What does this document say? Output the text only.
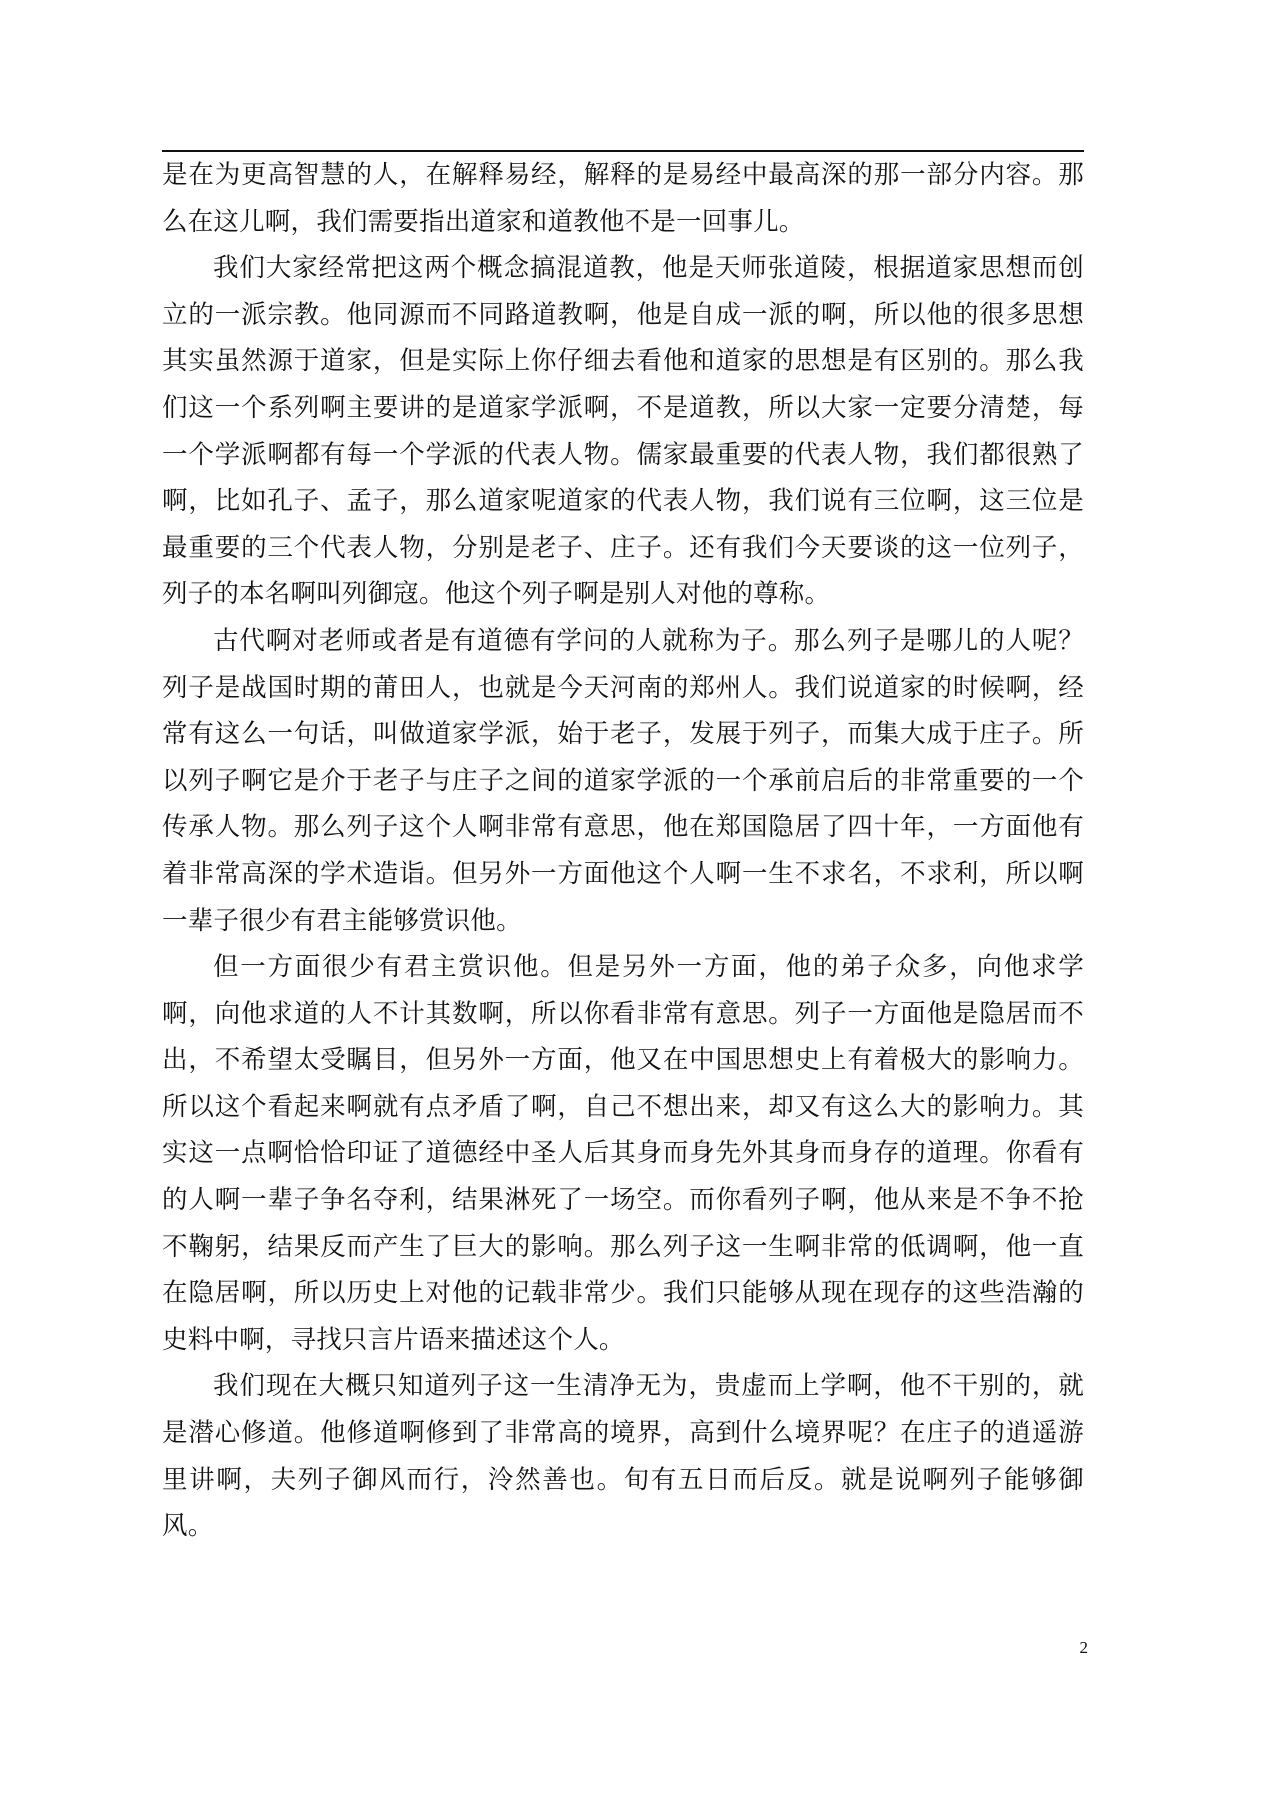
是在为更高智慧的人，在解释易经，解释的是易经中最高深的那一部分内容。那么在这儿啊，我们需要指出道家和道教他不是一回事儿。

我们大家经常把这两个概念搞混道教，他是天师张道陵，根据道家思想而创立的一派宗教。他同源而不同路道教啊，他是自成一派的啊，所以他的很多思想其实虽然源于道家，但是实际上你仔细去看他和道家的思想是有区别的。那么我们这一个系列啊主要讲的是道家学派啊，不是道教，所以大家一定要分清楚，每一个学派啊都有每一个学派的代表人物。儒家最重要的代表人物，我们都很熟了啊，比如孔子、孟子，那么道家呢道家的代表人物，我们说有三位啊，这三位是最重要的三个代表人物，分别是老子、庄子。还有我们今天要谈的这一位列子，列子的本名啊叫列御寇。他这个列子啊是别人对他的尊称。

古代啊对老师或者是有道德有学问的人就称为子。那么列子是哪儿的人呢？列子是战国时期的莆田人，也就是今天河南的郑州人。我们说道家的时候啊，经常有这么一句话，叫做道家学派，始于老子，发展于列子，而集大成于庄子。所以列子啊它是介于老子与庄子之间的道家学派的一个承前启后的非常重要的一个传承人物。那么列子这个人啊非常有意思，他在郑国隐居了四十年，一方面他有着非常高深的学术造诣。但另外一方面他这个人啊一生不求名，不求利，所以啊一辈子很少有君主能够赏识他。

但一方面很少有君主赏识他。但是另外一方面，他的弟子众多，向他求学啊，向他求道的人不计其数啊，所以你看非常有意思。列子一方面他是隐居而不出，不希望太受瞩目，但另外一方面，他又在中国思想史上有着极大的影响力。所以这个看起来啊就有点矛盾了啊，自己不想出来，却又有这么大的影响力。其实这一点啊恰恰印证了道德经中圣人后其身而身先外其身而身存的道理。你看有的人啊一辈子争名夺利，结果淋死了一场空。而你看列子啊，他从来是不争不抢不鞠躬，结果反而产生了巨大的影响。那么列子这一生啊非常的低调啊，他一直在隐居啊，所以历史上对他的记载非常少。我们只能够从现在现存的这些浩瀚的史料中啊，寻找只言片语来描述这个人。

我们现在大概只知道列子这一生清净无为，贵虚而上学啊，他不干别的，就是潜心修道。他修道啊修到了非常高的境界，高到什么境界呢？在庄子的逍遥游里讲啊，夫列子御风而行，泠然善也。旬有五日而后反。就是说啊列子能够御风。

2
